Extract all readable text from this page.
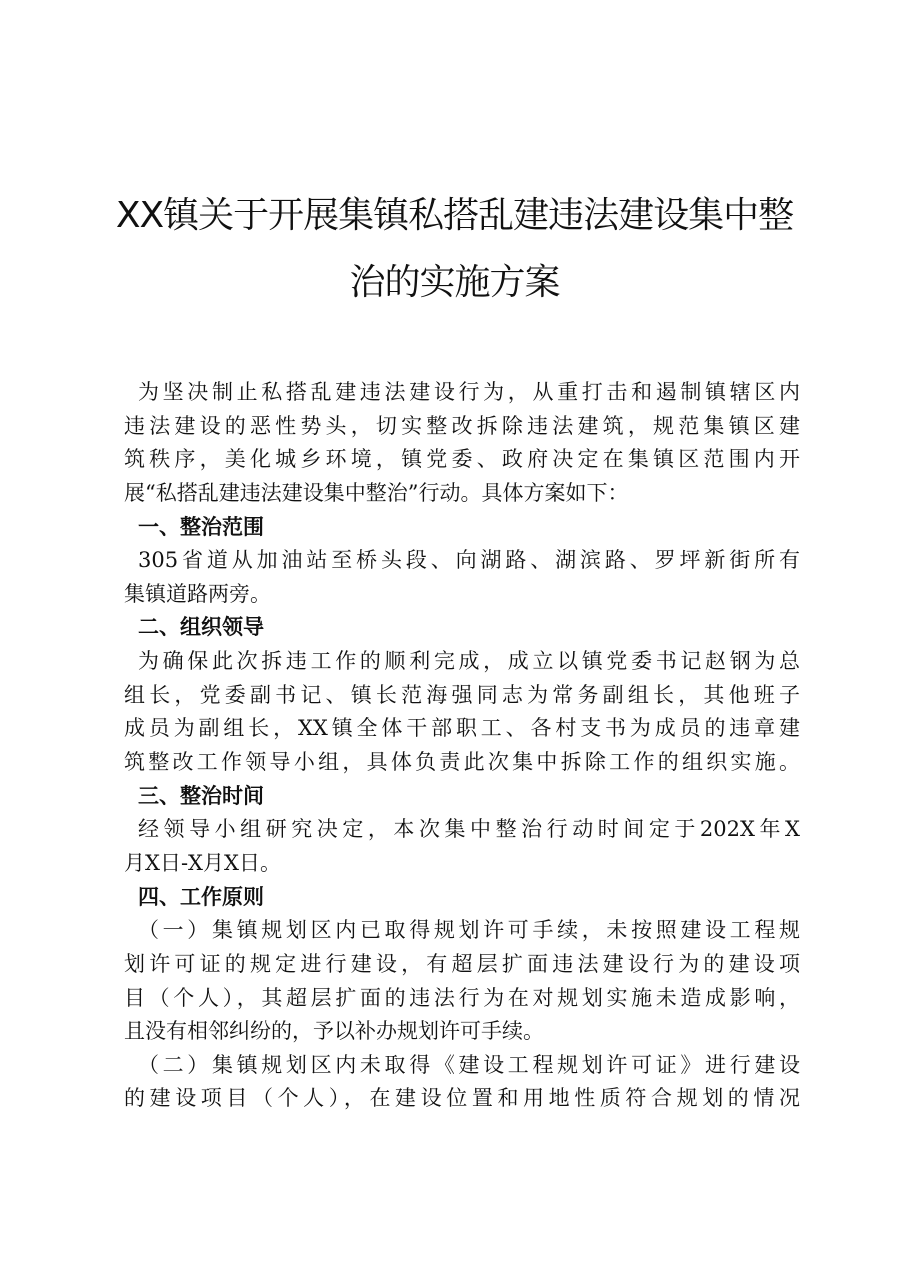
XX镇关于开展集镇私搭乱建违法建设集中整
治的实施方案
为坚决制止私搭乱建违法建设行为，从重打击和遏制镇辖区内
违法建设的恶性势头，切实整改拆除违法建筑，规范集镇区建
筑秩序，美化城乡环境，镇党委、政府决定在集镇区范围内开
展“私搭乱建违法建设集中整治”行动。具体方案如下：
一、整治范围
305省道从加油站至桥头段、向湖路、湖滨路、罗坪新街所有
集镇道路两旁。
二、组织领导
为确保此次拆违工作的顺利完成，成立以镇党委书记赵钢为总
组长，党委副书记、镇长范海强同志为常务副组长，其他班子
成员为副组长，XX镇全体干部职工、各村支书为成员的违章建
筑整改工作领导小组，具体负责此次集中拆除工作的组织实施。
三、整治时间
经领导小组研究决定，本次集中整治行动时间定于202X年X
月X日-X月X日。
四、工作原则
（一）集镇规划区内已取得规划许可手续，未按照建设工程规
划许可证的规定进行建设，有超层扩面违法建设行为的建设项
目（个人），其超层扩面的违法行为在对规划实施未造成影响，
且没有相邻纠纷的，予以补办规划许可手续。
（二）集镇规划区内未取得《建设工程规划许可证》进行建设
的建设项目（个人），在建设位置和用地性质符合规划的情况
